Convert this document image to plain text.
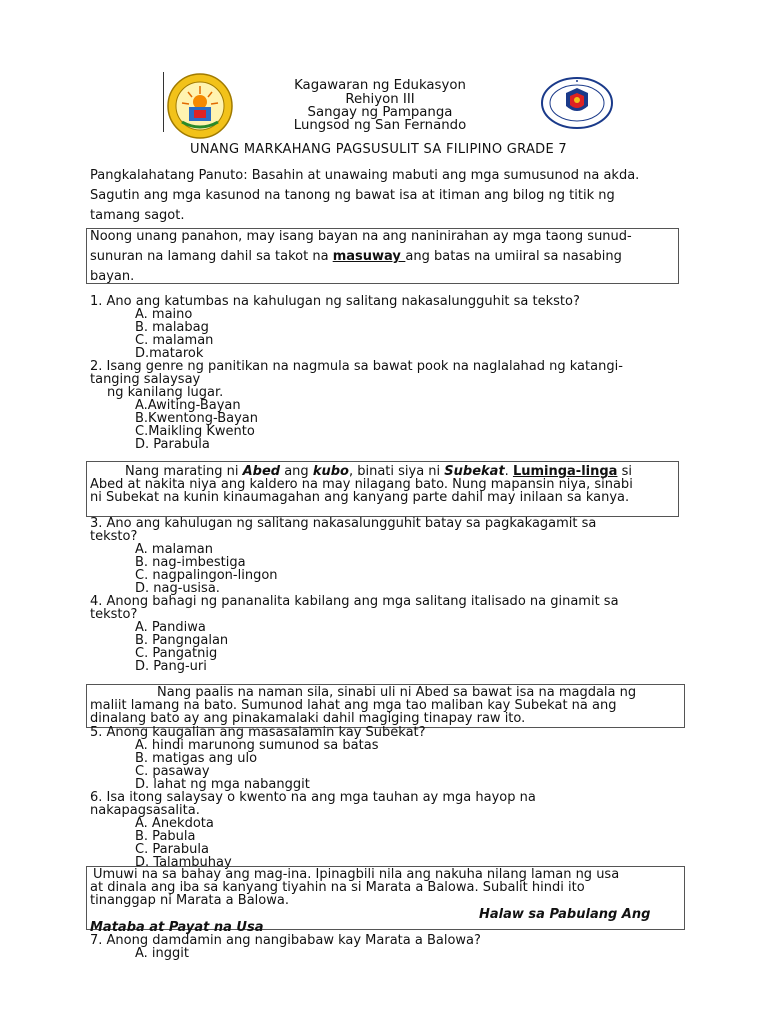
Kagawaran ng Edukasyon
Rehiyon III
Sangay ng Pampanga
Lungsod ng San Fernando
UNANG MARKAHANG PAGSUSULIT SA FILIPINO GRADE 7
Pangkalahatang Panuto: Basahin at unawaing mabuti ang mga sumusunod na akda.
Sagutin ang mga kasunod na tanong ng bawat isa at itiman ang bilog ng titik ng
tamang sagot.
Noong unang panahon, may isang bayan na ang naninirahan ay mga taong sunud-
sunuran na lamang dahil sa takot na masuway ang batas na umiiral sa nasabing
bayan.
1. Ano ang katumbas na kahulugan ng salitang nakasalungguhit sa teksto?
A. maino
B. malabag
C. malaman
D.matarok
2. Isang genre ng panitikan na nagmula sa bawat pook na naglalahad ng katangi-
tanging salaysay
ng kanilang lugar.
A.Awiting-Bayan
B.Kwentong-Bayan
C.Maikling Kwento
D. Parabula
Nang marating ni Abed ang kubo, binati siya ni Subekat. Luminga-linga si
Abed at nakita niya ang kaldero na may nilagang bato. Nung mapansin niya, sinabi
ni Subekat na kunin kinaumagahan ang kanyang parte dahil may inilaan sa kanya.
3. Ano ang kahulugan ng salitang nakasalungguhit batay sa pagkakagamit sa
teksto?
A. malaman
B. nag-imbestiga
C. nagpalingon-lingon
D. nag-usisa.
4. Anong bahagi ng pananalita kabilang ang mga salitang italisado na ginamit sa
teksto?
A. Pandiwa
B. Pangngalan
C. Pangatnig
D. Pang-uri
Nang paalis na naman sila, sinabi uli ni Abed sa bawat isa na magdala ng
maliit lamang na bato. Sumunod lahat ang mga tao maliban kay Subekat na ang
dinalang bato ay ang pinakamalaki dahil magiging tinapay raw ito.
5. Anong kaugalian ang masasalamin kay Subekat?
A. hindi marunong sumunod sa batas
B. matigas ang ulo
C. pasaway
D. lahat ng mga nabanggit
6. Isa itong salaysay o kwento na ang mga tauhan ay mga hayop na
nakapagsasalita.
A. Anekdota
B. Pabula
C. Parabula
D. Talambuhay
Umuwi na sa bahay ang mag-ina. Ipinagbili nila ang nakuha nilang laman ng usa
at dinala ang iba sa kanyang tiyahin na si Marata a Balowa. Subalit hindi ito
tinanggap ni Marata a Balowa.
Halaw sa Pabulang Ang
Mataba at Payat na Usa
7. Anong damdamin ang nangibabaw kay Marata a Balowa?
A. inggit
